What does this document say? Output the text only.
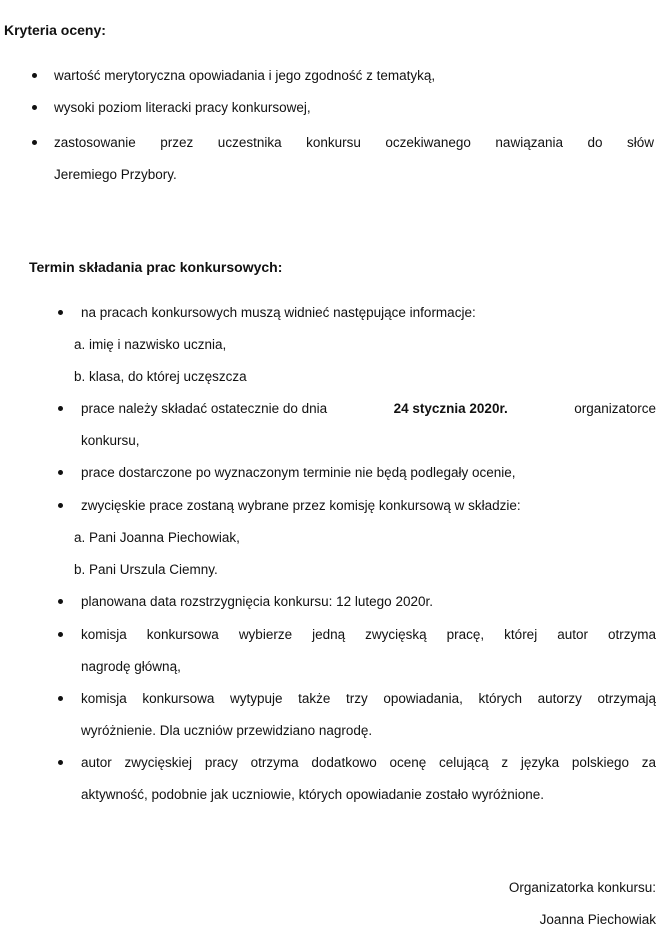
Kryteria oceny:
wartość merytoryczna opowiadania i jego zgodność z tematyką,
wysoki poziom literacki pracy konkursowej,
zastosowanie przez uczestnika konkursu oczekiwanego nawiązania do słów
Jeremiego Przybory.
Termin składania prac konkursowych:
na pracach konkursowych muszą widnieć następujące informacje:
a. imię i nazwisko ucznia,
b. klasa, do której uczęszcza
prace należy składać ostatecznie do dnia	24 stycznia 2020r.	organizatorce
konkursu,
prace dostarczone po wyznaczonym terminie nie będą podlegały ocenie,
zwycięskie prace zostaną wybrane przez komisję konkursową w składzie:
a. Pani Joanna Piechowiak,
b. Pani Urszula Ciemny.
planowana data rozstrzygnięcia konkursu: 12 lutego 2020r.
komisja konkursowa wybierze jedną zwycięską pracę, której autor otrzyma
nagrodę główną,
komisja konkursowa wytypuje także trzy opowiadania, których autorzy otrzymają
wyróżnienie. Dla uczniów przewidziano nagrodę.
autor zwycięskiej pracy otrzyma dodatkowo ocenę celującą z języka polskiego za
aktywność, podobnie jak uczniowie, których opowiadanie zostało wyróżnione.
Organizatorka konkursu:
Joanna Piechowiak
